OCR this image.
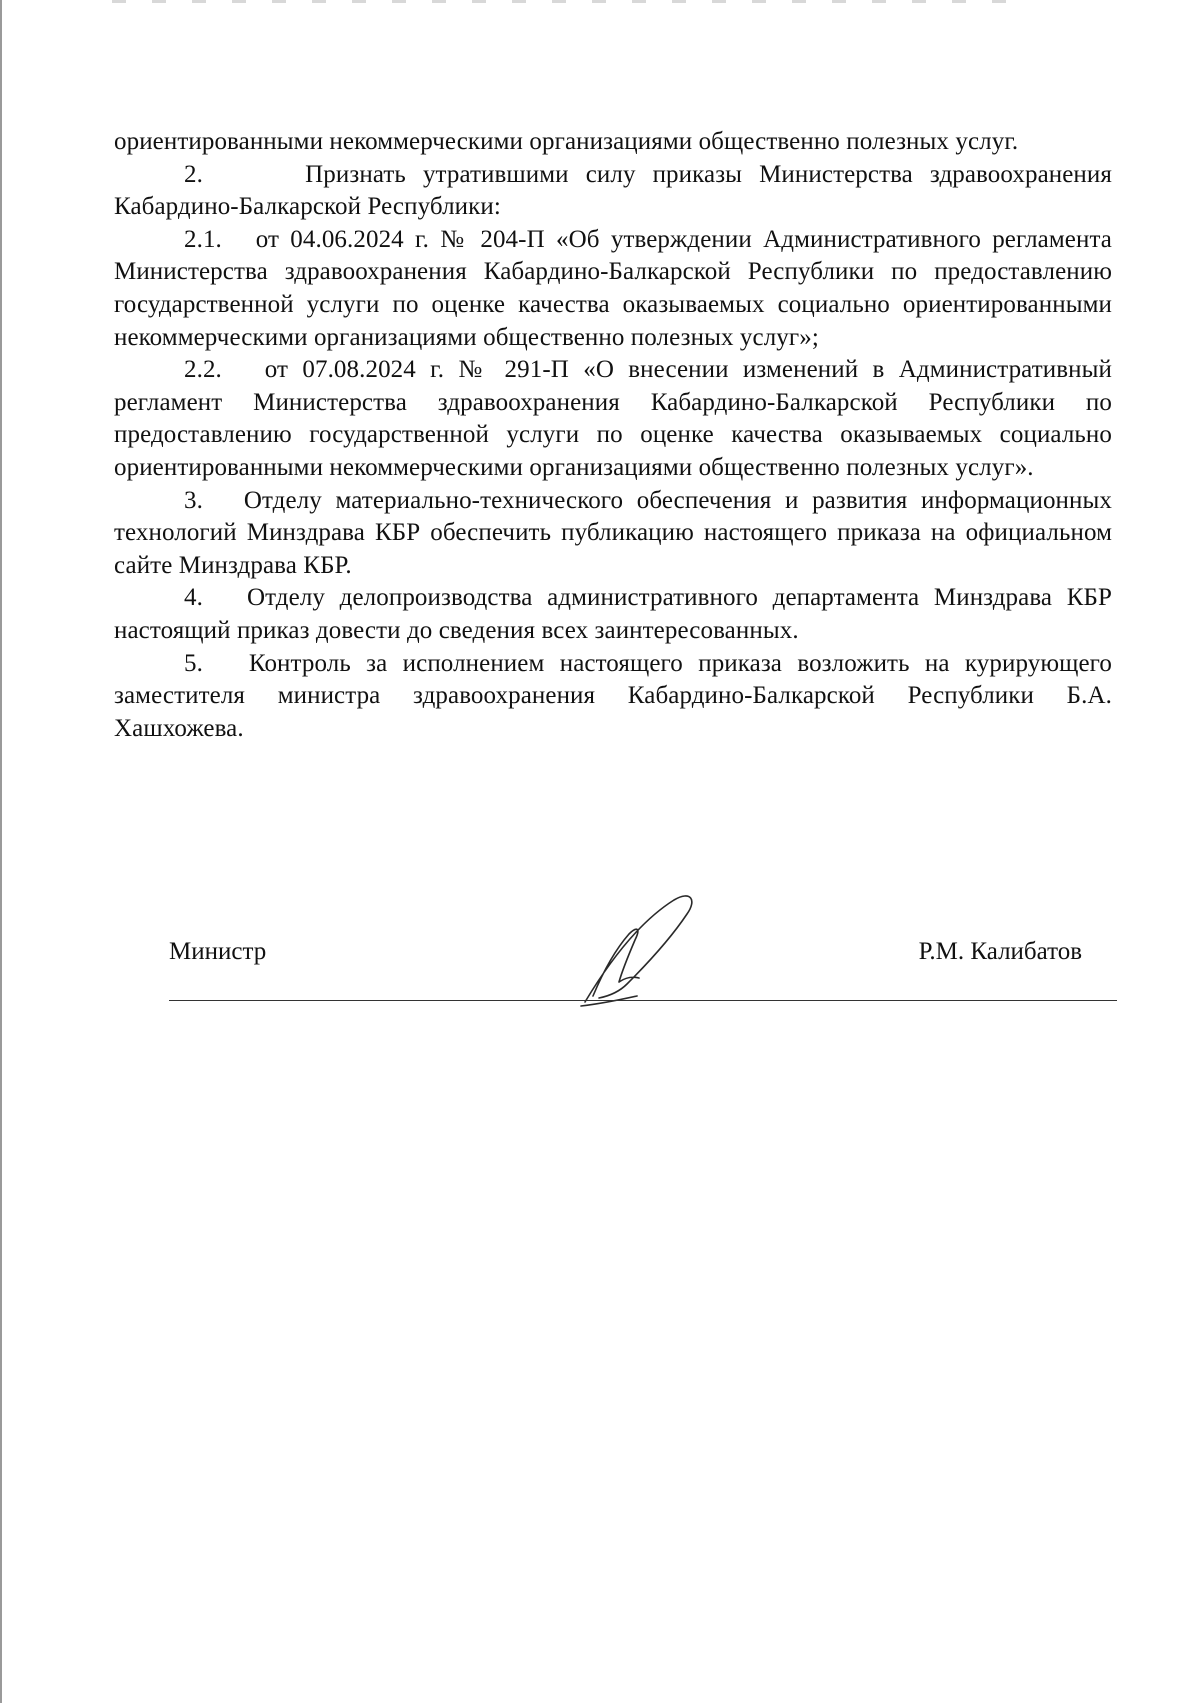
ориентированными некоммерческими организациями общественно полезных услуг.

2.      Признать утратившими силу приказы Министерства здравоохранения Кабардино-Балкарской Республики:

2.1.   от 04.06.2024 г. № 204-П «Об утверждении Административного регламента Министерства здравоохранения Кабардино-Балкарской Республики по предоставлению государственной услуги по оценке качества оказываемых социально ориентированными некоммерческими организациями общественно полезных услуг»;

2.2.   от 07.08.2024 г. № 291-П «О внесении изменений в Административный регламент Министерства здравоохранения Кабардино-Балкарской Республики по предоставлению государственной услуги по оценке качества оказываемых социально ориентированными некоммерческими организациями общественно полезных услуг».

3.   Отделу материально-технического обеспечения и развития информационных технологий Минздрава КБР обеспечить публикацию настоящего приказа на официальном сайте Минздрава КБР.

4.   Отделу делопроизводства административного департамента Минздрава КБР настоящий приказ довести до сведения всех заинтересованных.

5.   Контроль за исполнением настоящего приказа возложить на курирующего заместителя министра здравоохранения Кабардино-Балкарской Республики Б.А. Хашхожева.

Министр	Р.М. Калибатов
